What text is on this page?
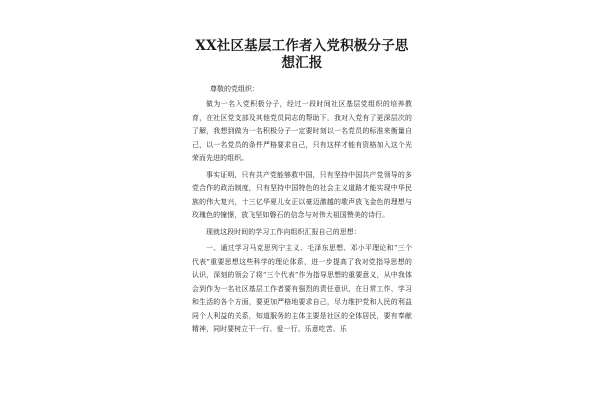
XX社区基层工作者入党积极分子思想汇报
尊敬的党组织：

做为一名入党积极分子，经过一段时间社区基层党组织的培养教育，在社区党支部及其他党员同志的帮助下，我对入党有了更深层次的了解，我想到做为一名积极分子一定要时刻以一名党员的标准来衡量自己，以一名党员的条件严格要求自己，只有这样才能有资格加入这个光荣而先进的组织。

事实证明，只有共产党能够救中国，只有坚持中国共产党领导的多党合作的政治制度，只有坚持中国特色的社会主义道路才能实现中华民族的伟大复兴，十三亿华夏儿女正以豪迈激越的歌声放飞金色的理想与玫瑰色的憧憬，放飞坚如磐石的信念与对伟大祖国赞美的诗行。

现就这段时间的学习工作向组织汇报自己的思想：

一、通过学习马克思列宁主义、毛泽东思想、邓小平理论和“三个代表”重要思想这些科学的理论体系，进一步提高了我对党指导思想的认识，深刻的领会了将“三个代表”作为指导思想的重要意义，从中我体会到作为一名社区基层工作者要有强烈的责任意识，在日常工作、学习和生活的各个方面，要更加严格地要求自己，尽力维护党和人民的利益同个人利益的关系，知道服务的主体主要是社区的全体居民，要有奉献精神，同时要树立干一行、爱一行、乐意吃苦、乐
